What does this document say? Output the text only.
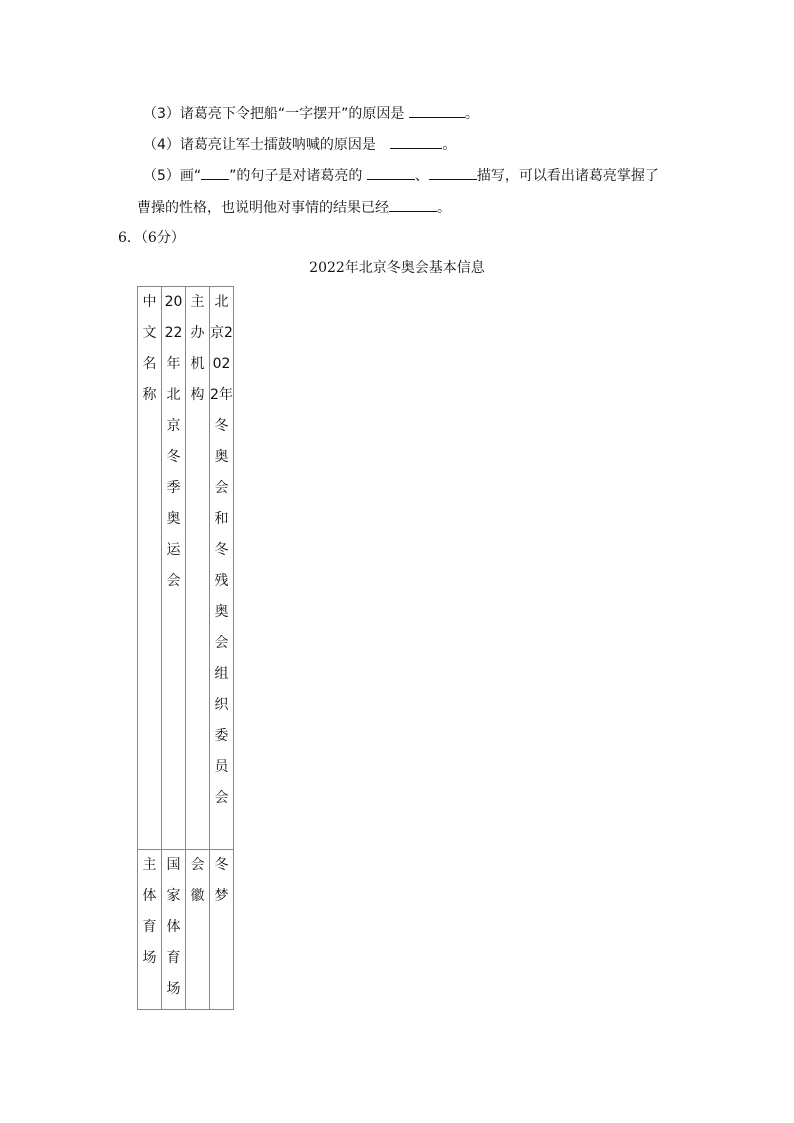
（3）诸葛亮下令把船“一字摆开”的原因是	。
（4）诸葛亮让军士擂鼓呐喊的原因是	。
（5）画“ ”的句子是对诸葛亮的	、	描写，可以看出诸葛亮掌握了
曹操的性格，也说明他对事情的结果已经	。
6．（6分）
2022年北京冬奥会基本信息
中文名称	2022年北京冬季奥运会	主办机构	北京2022年冬奥会和冬残奥会组织委员会

主体育场	国家体育场	会徽	冬梦
